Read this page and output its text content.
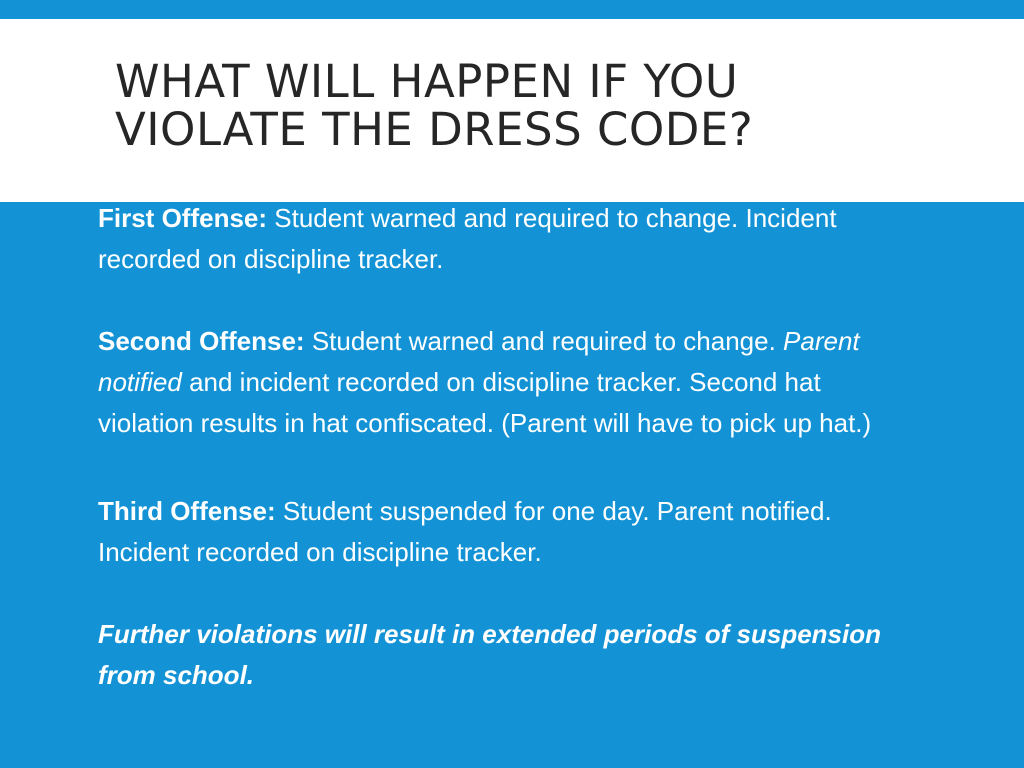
WHAT WILL HAPPEN IF YOU VIOLATE THE DRESS CODE?

First Offense: Student warned and required to change. Incident recorded on discipline tracker.

Second Offense: Student warned and required to change. Parent notified and incident recorded on discipline tracker. Second hat violation results in hat confiscated. (Parent will have to pick up hat.)

Third Offense: Student suspended for one day. Parent notified. Incident recorded on discipline tracker.

Further violations will result in extended periods of suspension from school.
